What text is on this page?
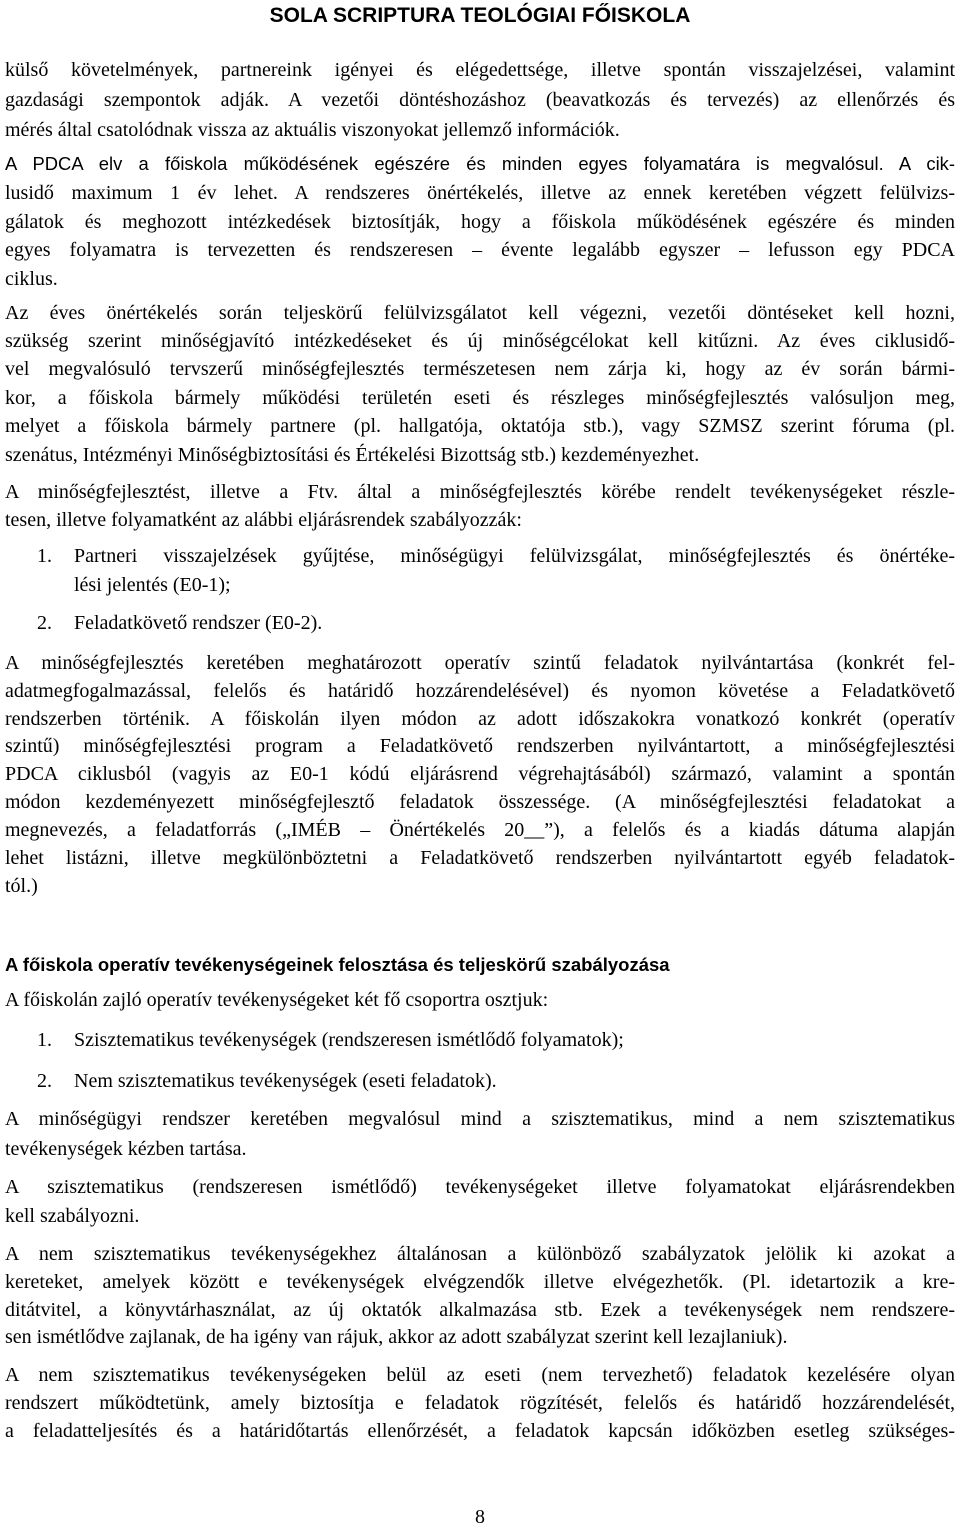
SOLA SCRIPTURA TEOLÓGIAI FŐISKOLA
külső követelmények, partnereink igényei és elégedettsége, illetve spontán visszajelzései, valamint
gazdasági szempontok adják. A vezetői döntéshozáshoz (beavatkozás és tervezés) az ellenőrzés és
mérés által csatolódnak vissza az aktuális viszonyokat jellemző információk.
A PDCA elv a főiskola működésének egészére és minden egyes folyamatára is megvalósul. A cik-
lusidő maximum 1 év lehet. A rendszeres önértékelés, illetve az ennek keretében végzett felülvizs-
gálatok és meghozott intézkedések biztosítják, hogy a főiskola működésének egészére és minden
egyes folyamatra is tervezetten és rendszeresen – évente legalább egyszer – lefusson egy PDCA
ciklus.
Az éves önértékelés során teljeskörű felülvizsgálatot kell végezni, vezetői döntéseket kell hozni,
szükség szerint minőségjavító intézkedéseket és új minőségcélokat kell kitűzni. Az éves ciklusidő-
vel megvalósuló tervszerű minőségfejlesztés természetesen nem zárja ki, hogy az év során bármi-
kor, a főiskola bármely működési területén eseti és részleges minőségfejlesztés valósuljon meg,
melyet a főiskola bármely partnere (pl. hallgatója, oktatója stb.), vagy SZMSZ szerint fóruma (pl.
szenátus, Intézményi Minőségbiztosítási és Értékelési Bizottság stb.) kezdeményezhet.
A minőségfejlesztést, illetve a Ftv. által a minőségfejlesztés körébe rendelt tevékenységeket részle-
tesen, illetve folyamatként az alábbi eljárásrendek szabályozzák:
1. Partneri visszajelzések gyűjtése, minőségügyi felülvizsgálat, minőségfejlesztés és önértéke-
lési jelentés (E0-1);
2. Feladatkövető rendszer (E0-2).
A minőségfejlesztés keretében meghatározott operatív szintű feladatok nyilvántartása (konkrét fel-
adatmegfogalmazással, felelős és határidő hozzárendelésével) és nyomon követése a Feladatkövető
rendszerben történik. A főiskolán ilyen módon az adott időszakokra vonatkozó konkrét (operatív
szintű) minőségfejlesztési program a Feladatkövető rendszerben nyilvántartott, a minőségfejlesztési
PDCA ciklusból (vagyis az E0-1 kódú eljárásrend végrehajtásából) származó, valamint a spontán
módon kezdeményezett minőségfejlesztő feladatok összessége. (A minőségfejlesztési feladatokat a
megnevezés, a feladatforrás („IMÉB – Önértékelés 20__”), a felelős és a kiadás dátuma alapján
lehet listázni, illetve megkülönböztetni a Feladatkövető rendszerben nyilvántartott egyéb feladatok-
tól.)
A főiskola operatív tevékenységeinek felosztása és teljeskörű szabályozása
A főiskolán zajló operatív tevékenységeket két fő csoportra osztjuk:
1. Szisztematikus tevékenységek (rendszeresen ismétlődő folyamatok);
2. Nem szisztematikus tevékenységek (eseti feladatok).
A minőségügyi rendszer keretében megvalósul mind a szisztematikus, mind a nem szisztematikus
tevékenységek kézben tartása.
A szisztematikus (rendszeresen ismétlődő) tevékenységeket illetve folyamatokat eljárásrendekben
kell szabályozni.
A nem szisztematikus tevékenységekhez általánosan a különböző szabályzatok jelölik ki azokat a
kereteket, amelyek között e tevékenységek elvégzendők illetve elvégezhetők. (Pl. idetartozik a kre-
ditátvitel, a könyvtárhasználat, az új oktatók alkalmazása stb. Ezek a tevékenységek nem rendszere-
sen ismétlődve zajlanak, de ha igény van rájuk, akkor az adott szabályzat szerint kell lezajlaniuk).
A nem szisztematikus tevékenységeken belül az eseti (nem tervezhető) feladatok kezelésére olyan
rendszert működtetünk, amely biztosítja e feladatok rögzítését, felelős és határidő hozzárendelését,
a feladatteljesítés és a határidőtartás ellenőrzését, a feladatok kapcsán időközben esetleg szükséges-
8
